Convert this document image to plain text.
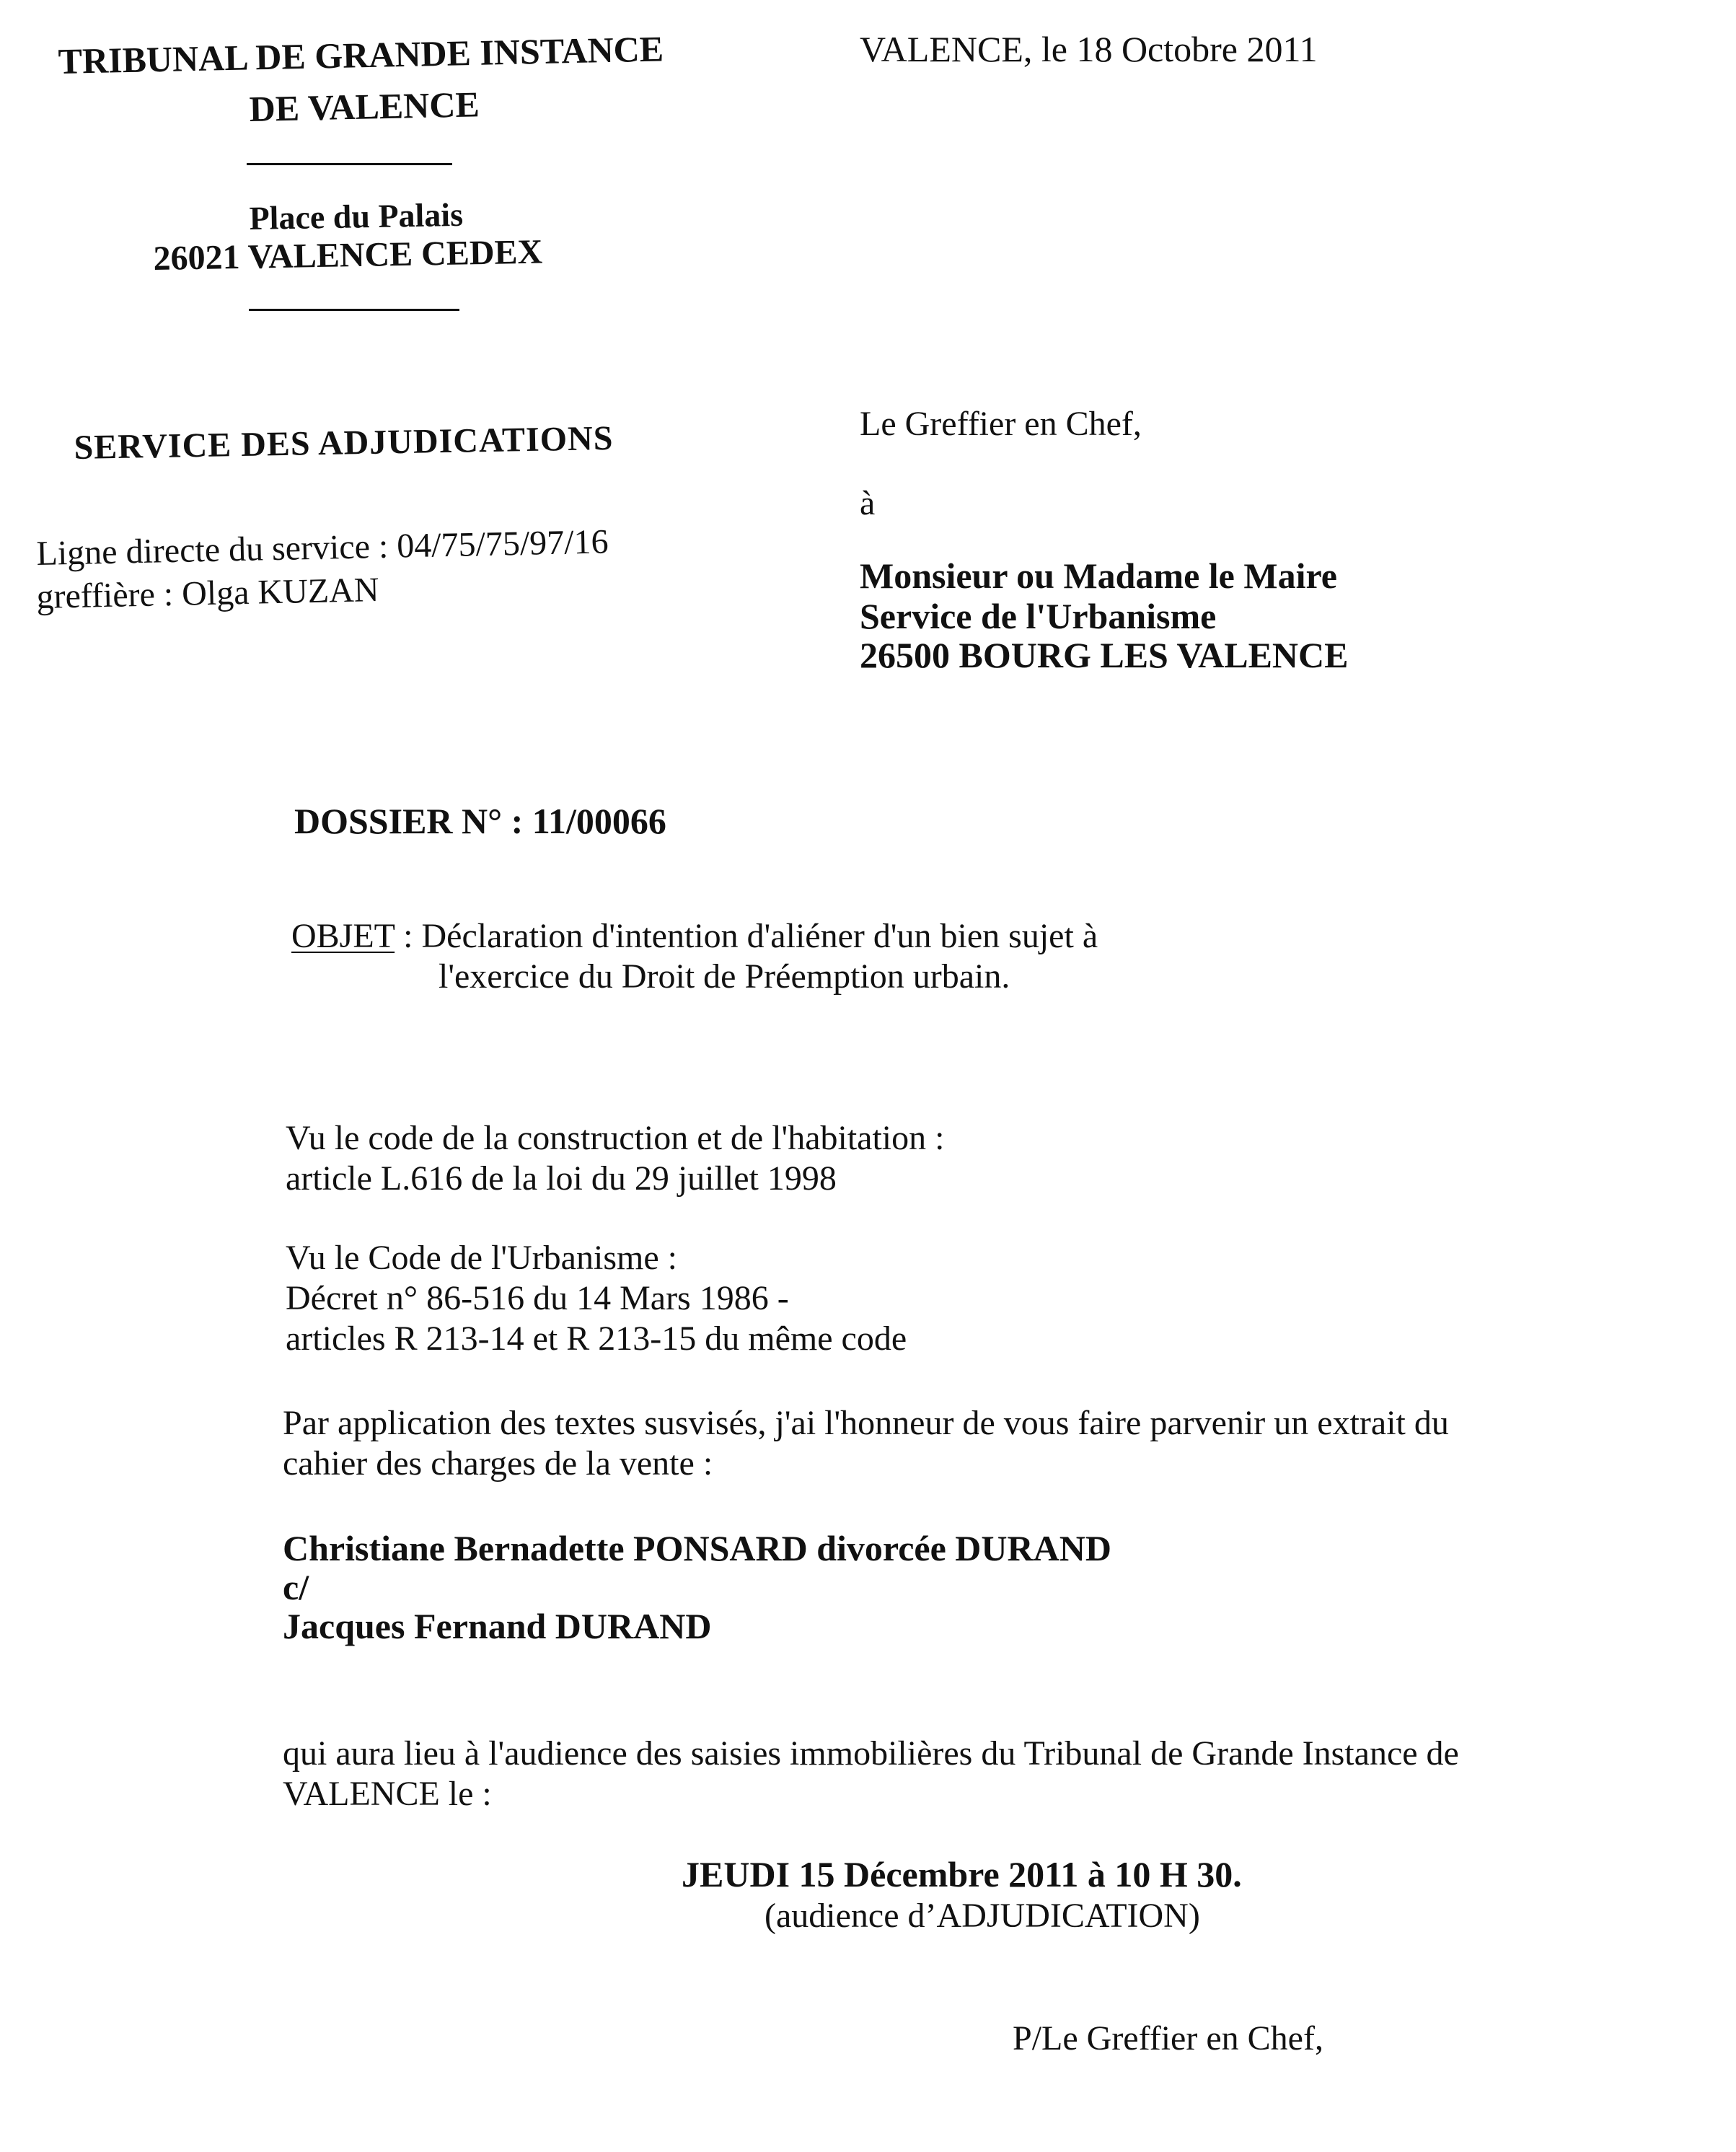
TRIBUNAL DE GRANDE INSTANCE
DE VALENCE
Place du Palais
26021 VALENCE CEDEX
SERVICE DES ADJUDICATIONS
Ligne directe du service : 04/75/75/97/16
greffière : Olga KUZAN
VALENCE, le 18 Octobre 2011
Le Greffier en Chef,
à
Monsieur ou Madame le Maire
Service de l'Urbanisme
26500 BOURG LES VALENCE
DOSSIER N° : 11/00066
OBJET : Déclaration d'intention d'aliéner d'un bien sujet à
l'exercice du Droit de Préemption urbain.
Vu le code de la construction et de l'habitation :
article L.616 de la loi du 29 juillet 1998
Vu le Code de l'Urbanisme :
Décret n° 86-516 du 14 Mars 1986 -
articles R 213-14 et R 213-15 du même code
Par application des textes susvisés, j'ai l'honneur de vous faire parvenir un extrait du
cahier des charges de la vente :
Christiane Bernadette PONSARD divorcée DURAND
c/
Jacques Fernand DURAND
qui aura lieu à l'audience des saisies immobilières du Tribunal de Grande Instance de
VALENCE le :
JEUDI 15 Décembre 2011 à 10 H 30.
(audience d’ADJUDICATION)
P/Le Greffier en Chef,
